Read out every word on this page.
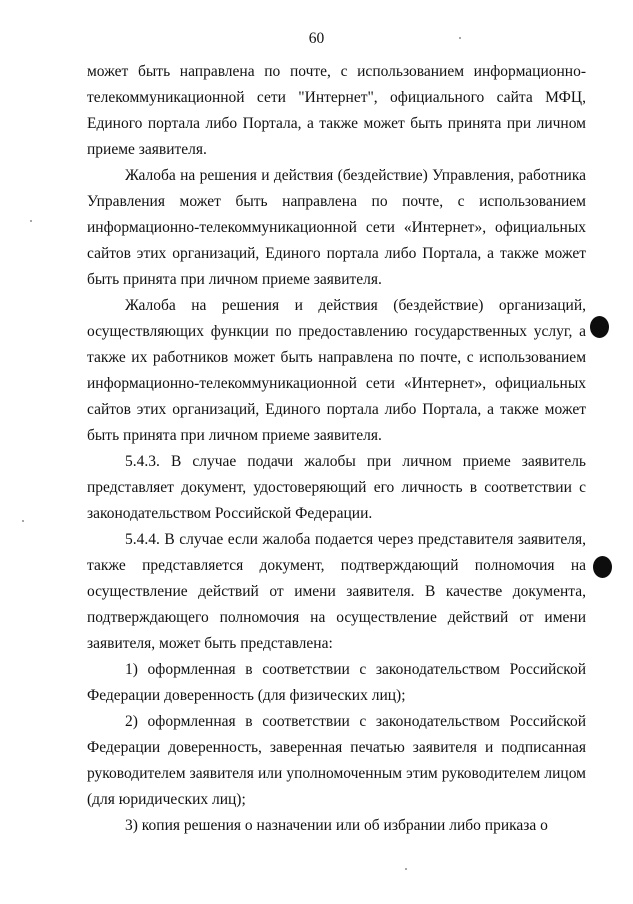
60

может быть направлена по почте, с использованием информационно-телекоммуникационной сети "Интернет", официального сайта МФЦ, Единого портала либо Портала, а также может быть принята при личном приеме заявителя.

Жалоба на решения и действия (бездействие) Управления, работника Управления может быть направлена по почте, с использованием информационно-телекоммуникационной сети «Интернет», официальных сайтов этих организаций, Единого портала либо Портала, а также может быть принята при личном приеме заявителя.

Жалоба на решения и действия (бездействие) организаций, осуществляющих функции по предоставлению государственных услуг, а также их работников может быть направлена по почте, с использованием информационно-телекоммуникационной сети «Интернет», официальных сайтов этих организаций, Единого портала либо Портала, а также может быть принята при личном приеме заявителя.

5.4.3. В случае подачи жалобы при личном приеме заявитель представляет документ, удостоверяющий его личность в соответствии с законодательством Российской Федерации.

5.4.4. В случае если жалоба подается через представителя заявителя, также представляется документ, подтверждающий полномочия на осуществление действий от имени заявителя. В качестве документа, подтверждающего полномочия на осуществление действий от имени заявителя, может быть представлена:

1) оформленная в соответствии с законодательством Российской Федерации доверенность (для физических лиц);

2) оформленная в соответствии с законодательством Российской Федерации доверенность, заверенная печатью заявителя и подписанная руководителем заявителя или уполномоченным этим руководителем лицом (для юридических лиц);

3) копия решения о назначении или об избрании либо приказа о
